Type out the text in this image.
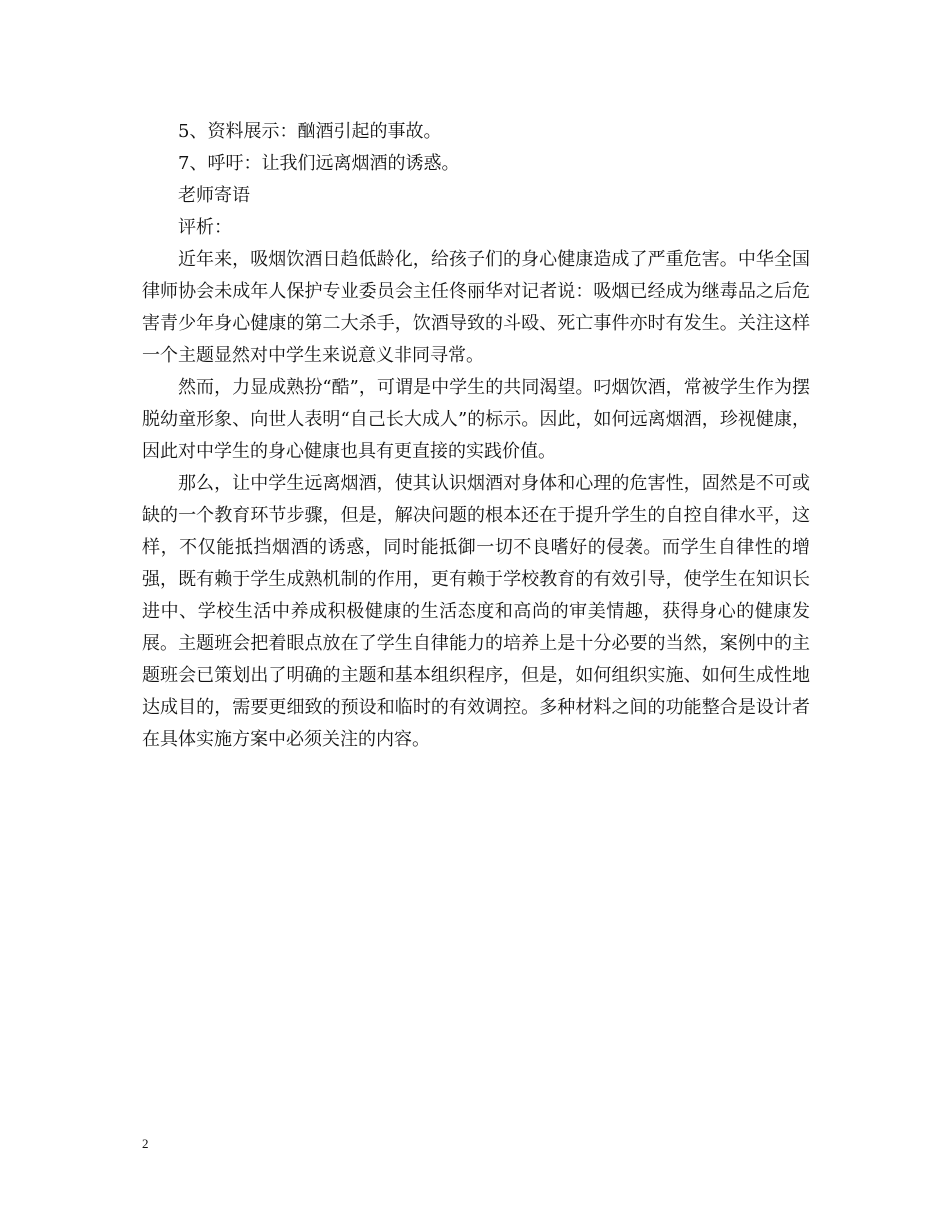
5、资料展示：酗酒引起的事故。

7、呼吁：让我们远离烟酒的诱惑。

老师寄语

评析：

近年来，吸烟饮酒日趋低龄化，给孩子们的身心健康造成了严重危害。中华全国律师协会未成年人保护专业委员会主任佟丽华对记者说：吸烟已经成为继毒品之后危害青少年身心健康的第二大杀手，饮酒导致的斗殴、死亡事件亦时有发生。关注这样一个主题显然对中学生来说意义非同寻常。

然而，力显成熟扮“酷”，可谓是中学生的共同渴望。叼烟饮酒，常被学生作为摆脱幼童形象、向世人表明“自己长大成人”的标示。因此，如何远离烟酒，珍视健康，因此对中学生的身心健康也具有更直接的实践价值。

那么，让中学生远离烟酒，使其认识烟酒对身体和心理的危害性，固然是不可或缺的一个教育环节步骤，但是，解决问题的根本还在于提升学生的自控自律水平，这样，不仅能抵挡烟酒的诱惑，同时能抵御一切不良嗜好的侵袭。而学生自律性的增强，既有赖于学生成熟机制的作用，更有赖于学校教育的有效引导，使学生在知识长进中、学校生活中养成积极健康的生活态度和高尚的审美情趣，获得身心的健康发展。主题班会把着眼点放在了学生自律能力的培养上是十分必要的当然，案例中的主题班会已策划出了明确的主题和基本组织程序，但是，如何组织实施、如何生成性地达成目的，需要更细致的预设和临时的有效调控。多种材料之间的功能整合是设计者在具体实施方案中必须关注的内容。

2
